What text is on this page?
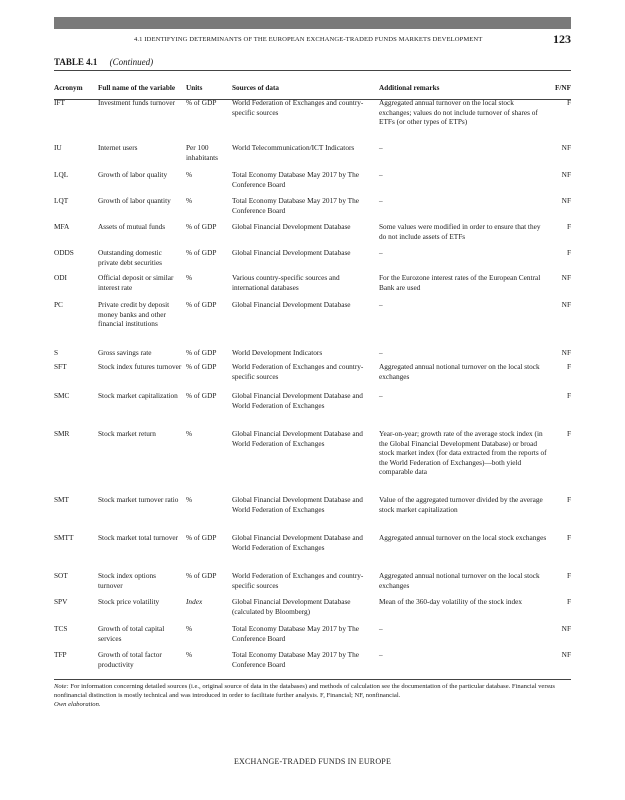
4.1 IDENTIFYING DETERMINANTS OF THE EUROPEAN EXCHANGE-TRADED FUNDS MARKETS DEVELOPMENT	123
TABLE 4.1 (Continued)
Acronym	Full name of the variable	Units	Sources of data	Additional remarks	F/NF
IFT	Investment funds turnover	% of GDP	World Federation of Exchanges and country-specific sources	Aggregated annual turnover on the local stock exchanges; values do not include turnover of shares of ETFs (or other types of ETPs)	F
IU	Internet users	Per 100 inhabitants	World Telecommunication/ICT Indicators	–	NF
LQL	Growth of labor quality	%	Total Economy Database May 2017 by The Conference Board	–	NF
LQT	Growth of labor quantity	%	Total Economy Database May 2017 by The Conference Board	–	NF
MFA	Assets of mutual funds	% of GDP	Global Financial Development Database	Some values were modified in order to ensure that they do not include assets of ETFs	F
ODDS	Outstanding domestic private debt securities	% of GDP	Global Financial Development Database	–	F
ODI	Official deposit or similar interest rate	%	Various country-specific sources and international databases	For the Eurozone interest rates of the European Central Bank are used	NF
PC	Private credit by deposit money banks and other financial institutions	% of GDP	Global Financial Development Database	–	NF
S	Gross savings rate	% of GDP	World Development Indicators	–	NF
SFT	Stock index futures turnover	% of GDP	World Federation of Exchanges and country-specific sources	Aggregated annual notional turnover on the local stock exchanges	F
SMC	Stock market capitalization	% of GDP	Global Financial Development Database and World Federation of Exchanges	–	F
SMR	Stock market return	%	Global Financial Development Database and World Federation of Exchanges	Year-on-year; growth rate of the average stock index (in the Global Financial Development Database) or broad stock market index (for data extracted from the reports of the World Federation of Exchanges)—both yield comparable data	F
SMT	Stock market turnover ratio	%	Global Financial Development Database and World Federation of Exchanges	Value of the aggregated turnover divided by the average stock market capitalization	F
SMTT	Stock market total turnover	% of GDP	Global Financial Development Database and World Federation of Exchanges	Aggregated annual turnover on the local stock exchanges	F
SOT	Stock index options turnover	% of GDP	World Federation of Exchanges and country-specific sources	Aggregated annual notional turnover on the local stock exchanges	F
SPV	Stock price volatility	Index	Global Financial Development Database (calculated by Bloomberg)	Mean of the 360-day volatility of the stock index	F
TCS	Growth of total capital services	%	Total Economy Database May 2017 by The Conference Board	–	NF
TFP	Growth of total factor productivity	%	Total Economy Database May 2017 by The Conference Board	–	NF
Note: For information concerning detailed sources (i.e., original source of data in the databases) and methods of calculation see the documentation of the particular database. Financial versus nonfinancial distinction is mostly technical and was introduced in order to facilitate further analysis. F, Financial; NF, nonfinancial.
Own elaboration.
EXCHANGE-TRADED FUNDS IN EUROPE
